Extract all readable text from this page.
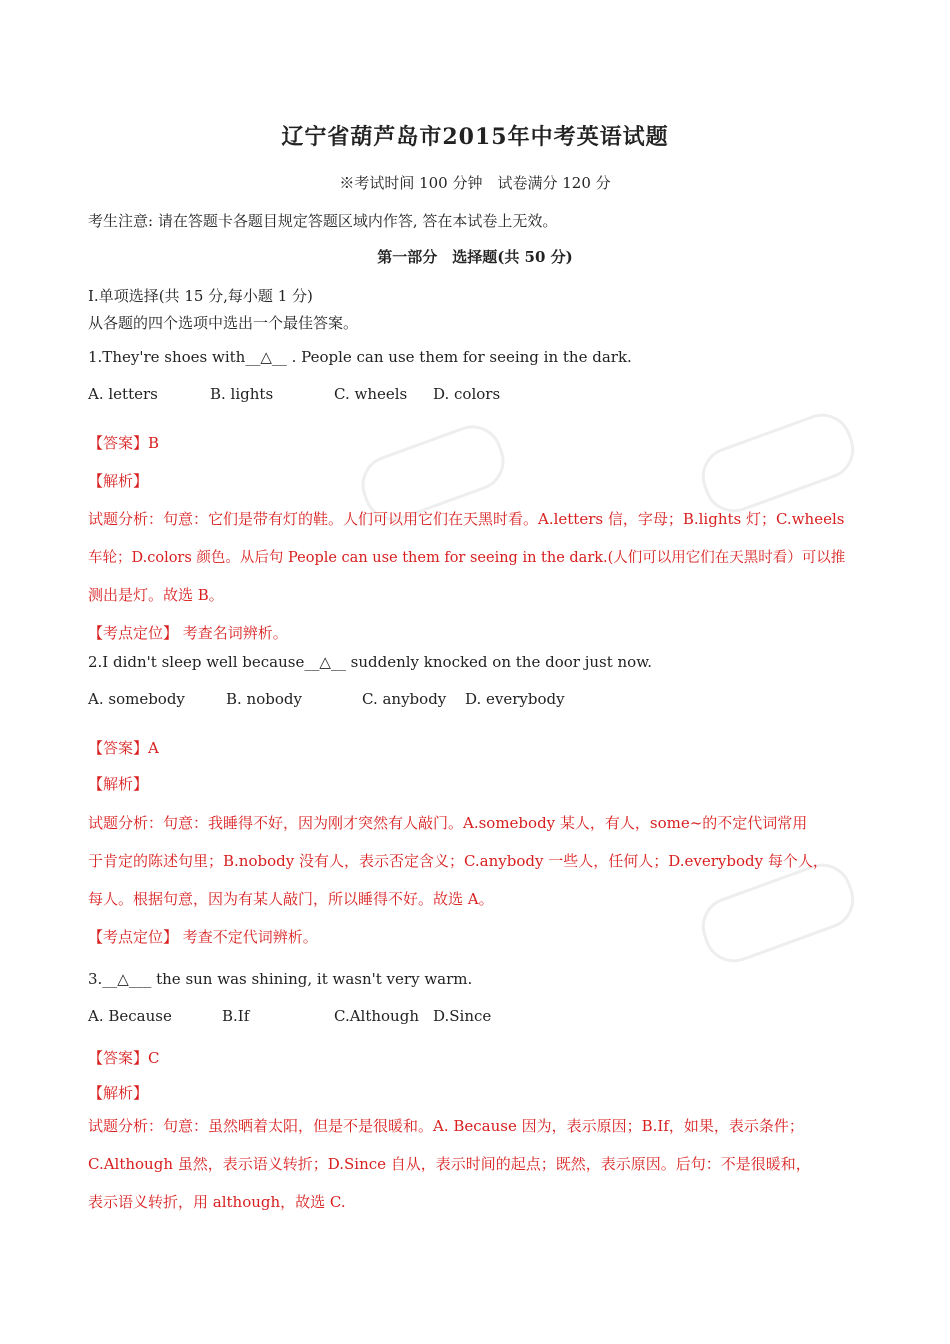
辽宁省葫芦岛市2015年中考英语试题
※考试时间 100 分钟　试卷满分 120 分
考生注意: 请在答题卡各题目规定答题区域内作答, 答在本试卷上无效。
第一部分　选择题(共 50 分)
I.单项选择(共 15 分,每小题 1 分)
从各题的四个选项中选出一个最佳答案。
1.They're shoes with__△__ . People can use them for seeing in the dark.
A. letters	B. lights	C. wheels D. colors
【答案】B
【解析】
试题分析：句意：它们是带有灯的鞋。人们可以用它们在天黑时看。A.letters 信，字母；B.lights 灯；C.wheels
车轮；D.colors 颜色。从后句 People can use them for seeing in the dark.(人们可以用它们在天黑时看）可以推
测出是灯。故选 B。
【考点定位】 考查名词辨析。
2.I didn't sleep well because__△__ suddenly knocked on the door just now.
A. somebody	B. nobody	C. anybody D. everybody
【答案】A
【解析】
试题分析：句意：我睡得不好，因为刚才突然有人敲门。A.somebody 某人，有人，some~的不定代词常用
于肯定的陈述句里；B.nobody 没有人，表示否定含义；C.anybody 一些人，任何人；D.everybody 每个人，
每人。根据句意，因为有某人敲门，所以睡得不好。故选 A。
【考点定位】 考查不定代词辨析。
3.__△___ the sun was shining, it wasn't very warm.
A. Because	B.If	C.Although D.Since
【答案】C
【解析】
试题分析：句意：虽然晒着太阳，但是不是很暖和。A. Because 因为，表示原因；B.If，如果，表示条件；
C.Although 虽然，表示语义转折；D.Since 自从，表示时间的起点；既然，表示原因。后句：不是很暖和，
表示语义转折，用 although，故选 C.
